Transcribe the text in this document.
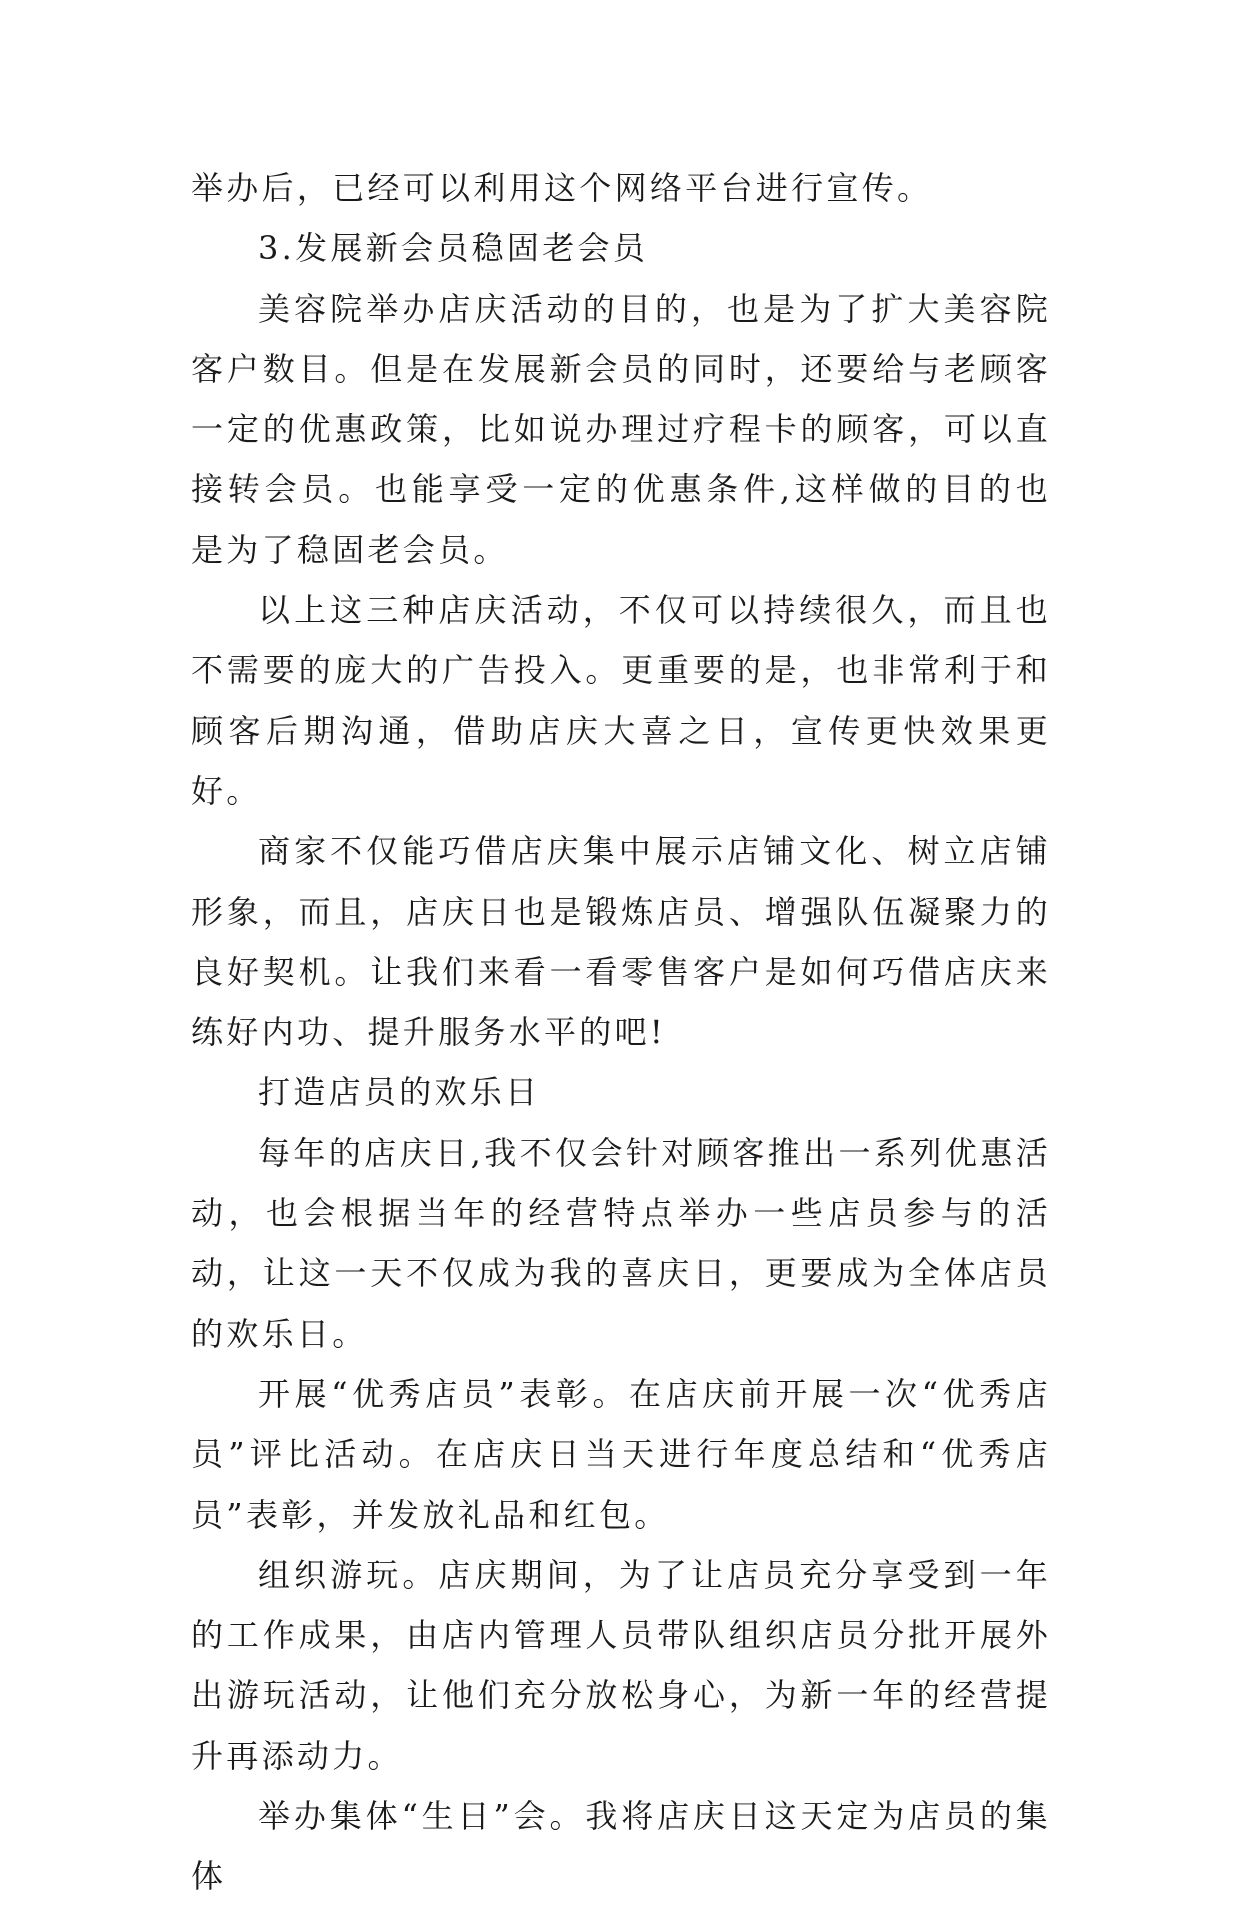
举办后，已经可以利用这个网络平台进行宣传。

3.发展新会员稳固老会员

美容院举办店庆活动的目的，也是为了扩大美容院客户数目。但是在发展新会员的同时，还要给与老顾客一定的优惠政策，比如说办理过疗程卡的顾客，可以直接转会员。也能享受一定的优惠条件,这样做的目的也是为了稳固老会员。

以上这三种店庆活动，不仅可以持续很久，而且也不需要的庞大的广告投入。更重要的是，也非常利于和顾客后期沟通，借助店庆大喜之日，宣传更快效果更好。

商家不仅能巧借店庆集中展示店铺文化、树立店铺形象，而且，店庆日也是锻炼店员、增强队伍凝聚力的良好契机。让我们来看一看零售客户是如何巧借店庆来练好内功、提升服务水平的吧!

打造店员的欢乐日

每年的店庆日,我不仅会针对顾客推出一系列优惠活动，也会根据当年的经营特点举办一些店员参与的活动，让这一天不仅成为我的喜庆日，更要成为全体店员的欢乐日。

开展“优秀店员”表彰。在店庆前开展一次“优秀店员”评比活动。在店庆日当天进行年度总结和“优秀店员”表彰，并发放礼品和红包。

组织游玩。店庆期间，为了让店员充分享受到一年的工作成果，由店内管理人员带队组织店员分批开展外出游玩活动，让他们充分放松身心，为新一年的经营提升再添动力。

举办集体“生日”会。我将店庆日这天定为店员的集体
